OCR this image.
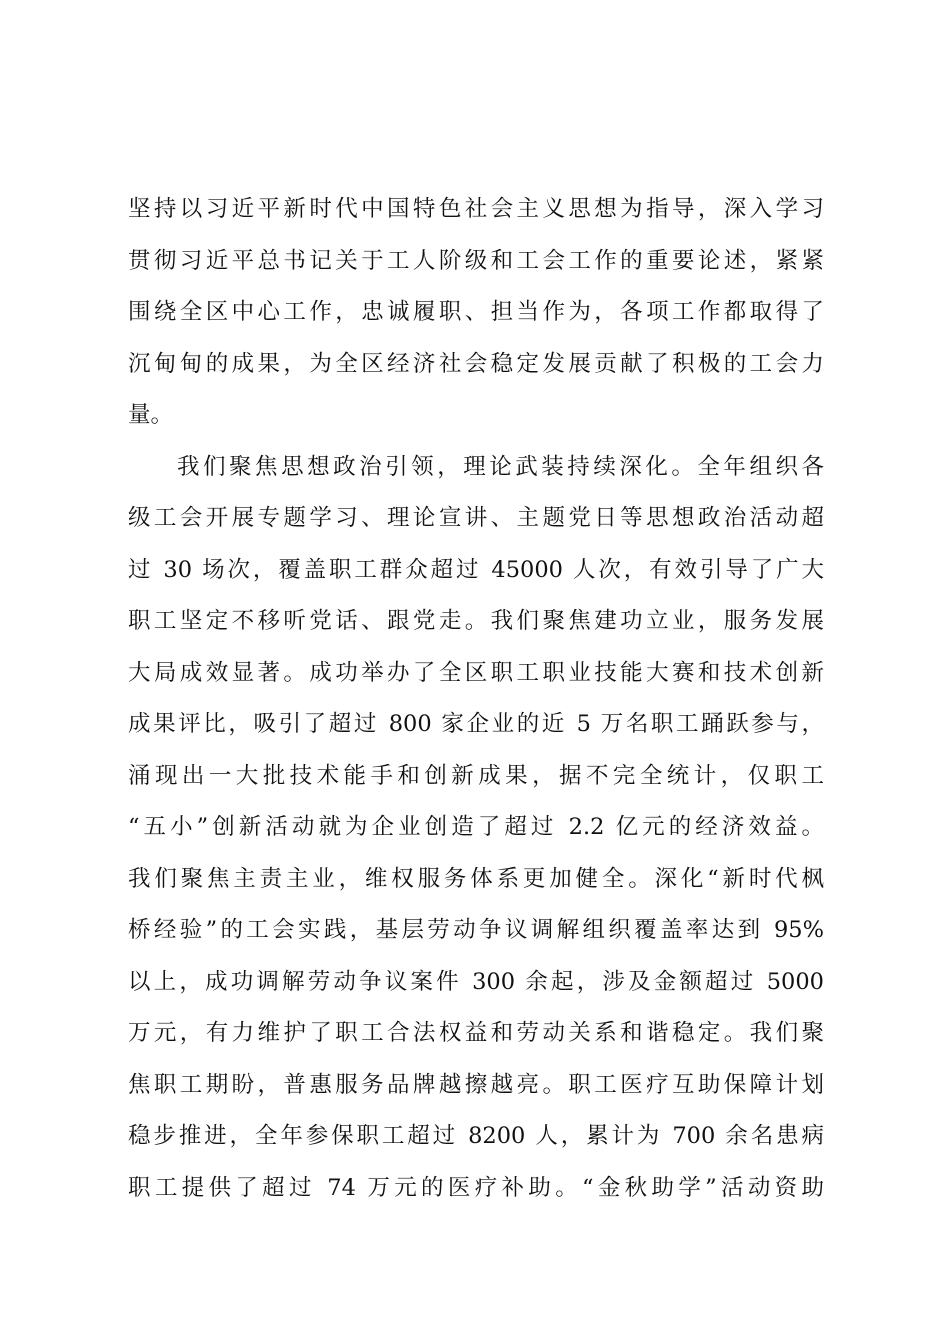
坚持以习近平新时代中国特色社会主义思想为指导，深入学习
贯彻习近平总书记关于工人阶级和工会工作的重要论述，紧紧
围绕全区中心工作，忠诚履职、担当作为，各项工作都取得了
沉甸甸的成果，为全区经济社会稳定发展贡献了积极的工会力
量。
我们聚焦思想政治引领，理论武装持续深化。全年组织各
级工会开展专题学习、理论宣讲、主题党日等思想政治活动超
过 30 场次，覆盖职工群众超过 45000 人次，有效引导了广大
职工坚定不移听党话、跟党走。我们聚焦建功立业，服务发展
大局成效显著。成功举办了全区职工职业技能大赛和技术创新
成果评比，吸引了超过 800 家企业的近 5 万名职工踊跃参与，
涌现出一大批技术能手和创新成果，据不完全统计，仅职工
“五小”创新活动就为企业创造了超过 2.2 亿元的经济效益。
我们聚焦主责主业，维权服务体系更加健全。深化“新时代枫
桥经验”的工会实践，基层劳动争议调解组织覆盖率达到 95%
以上，成功调解劳动争议案件 300 余起，涉及金额超过 5000
万元，有力维护了职工合法权益和劳动关系和谐稳定。我们聚
焦职工期盼，普惠服务品牌越擦越亮。职工医疗互助保障计划
稳步推进，全年参保职工超过 8200 人，累计为 700 余名患病
职工提供了超过 74 万元的医疗补助。“金秋助学”活动资助
